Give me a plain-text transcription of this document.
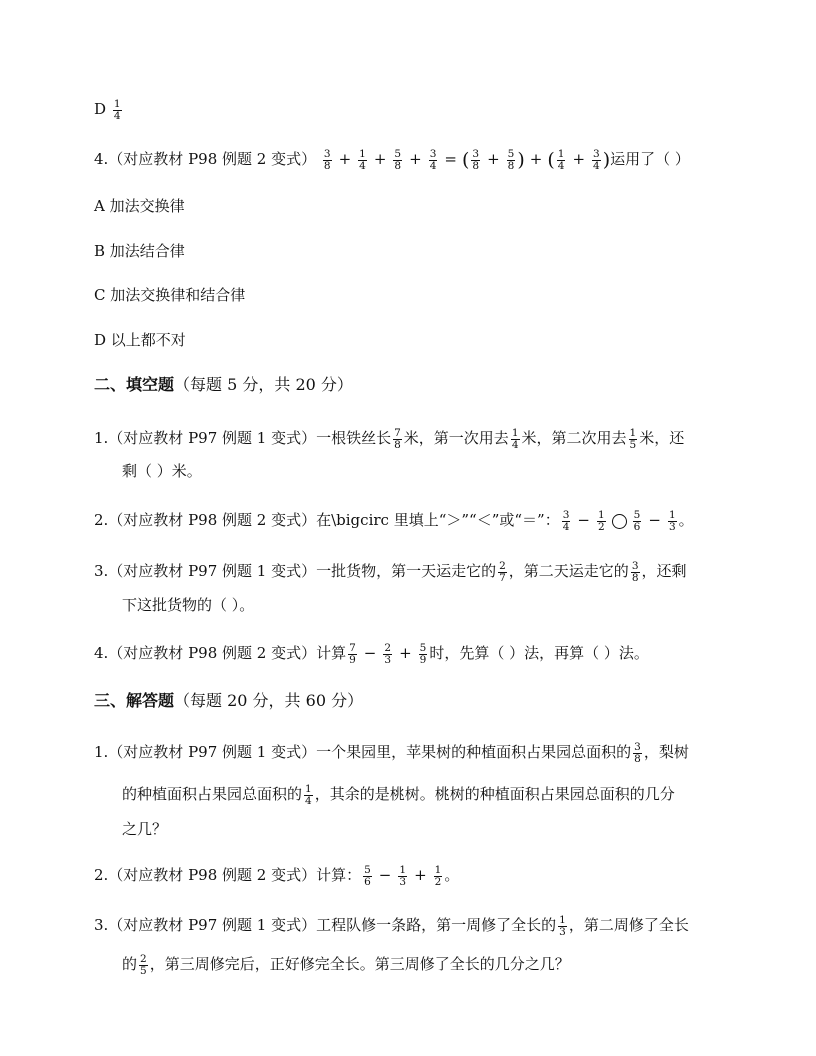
D $\frac{1}{4}$
4.（对应教材 P98 例题 2 变式） $\frac{3}{8} + \frac{1}{4} + \frac{5}{8} + \frac{3}{4}$ = ( $\frac{3}{8} + \frac{5}{8}$ ) + ( $\frac{1}{4} + \frac{3}{4}$ )运用了（ ）
A 加法交换律
B 加法结合律
C 加法交换律和结合律
D 以上都不对
二、填空题（每题 5 分，共 20 分）
1.（对应教材 P97 例题 1 变式）一根铁丝长 $\frac{7}{8}$ 米，第一次用去 $\frac{1}{4}$ 米，第二次用去 $\frac{1}{5}$ 米，还
剩（ ）米。
2.（对应教材 P98 例题 2 变式）在\bigcirc 里填上“＞”“＜”或“＝”： $\frac{3}{4} - \frac{1}{2}$	$\frac{5}{6} - \frac{1}{3}$ 。
3.（对应教材 P97 例题 1 变式）一批货物，第一天运走它的 $\frac{2}{7}$ ，第二天运走它的 $\frac{3}{8}$ ，还剩
下这批货物的（ ）。
4.（对应教材 P98 例题 2 变式）计算 $\frac{7}{9} - \frac{2}{3} + \frac{5}{9}$ 时，先算（ ）法，再算（ ）法。
三、解答题（每题 20 分，共 60 分）
1.（对应教材 P97 例题 1 变式）一个果园里，苹果树的种植面积占果园总面积的 $\frac{3}{8}$ ，梨树
的种植面积占果园总面积的 $\frac{1}{4}$ ，其余的是桃树。桃树的种植面积占果园总面积的几分
之几？
2.（对应教材 P98 例题 2 变式）计算： $\frac{5}{6} - \frac{1}{3} + \frac{1}{2}$ 。
3.（对应教材 P97 例题 1 变式）工程队修一条路，第一周修了全长的 $\frac{1}{3}$ ，第二周修了全长
的 $\frac{2}{5}$ ，第三周修完后，正好修完全长。第三周修了全长的几分之几？
